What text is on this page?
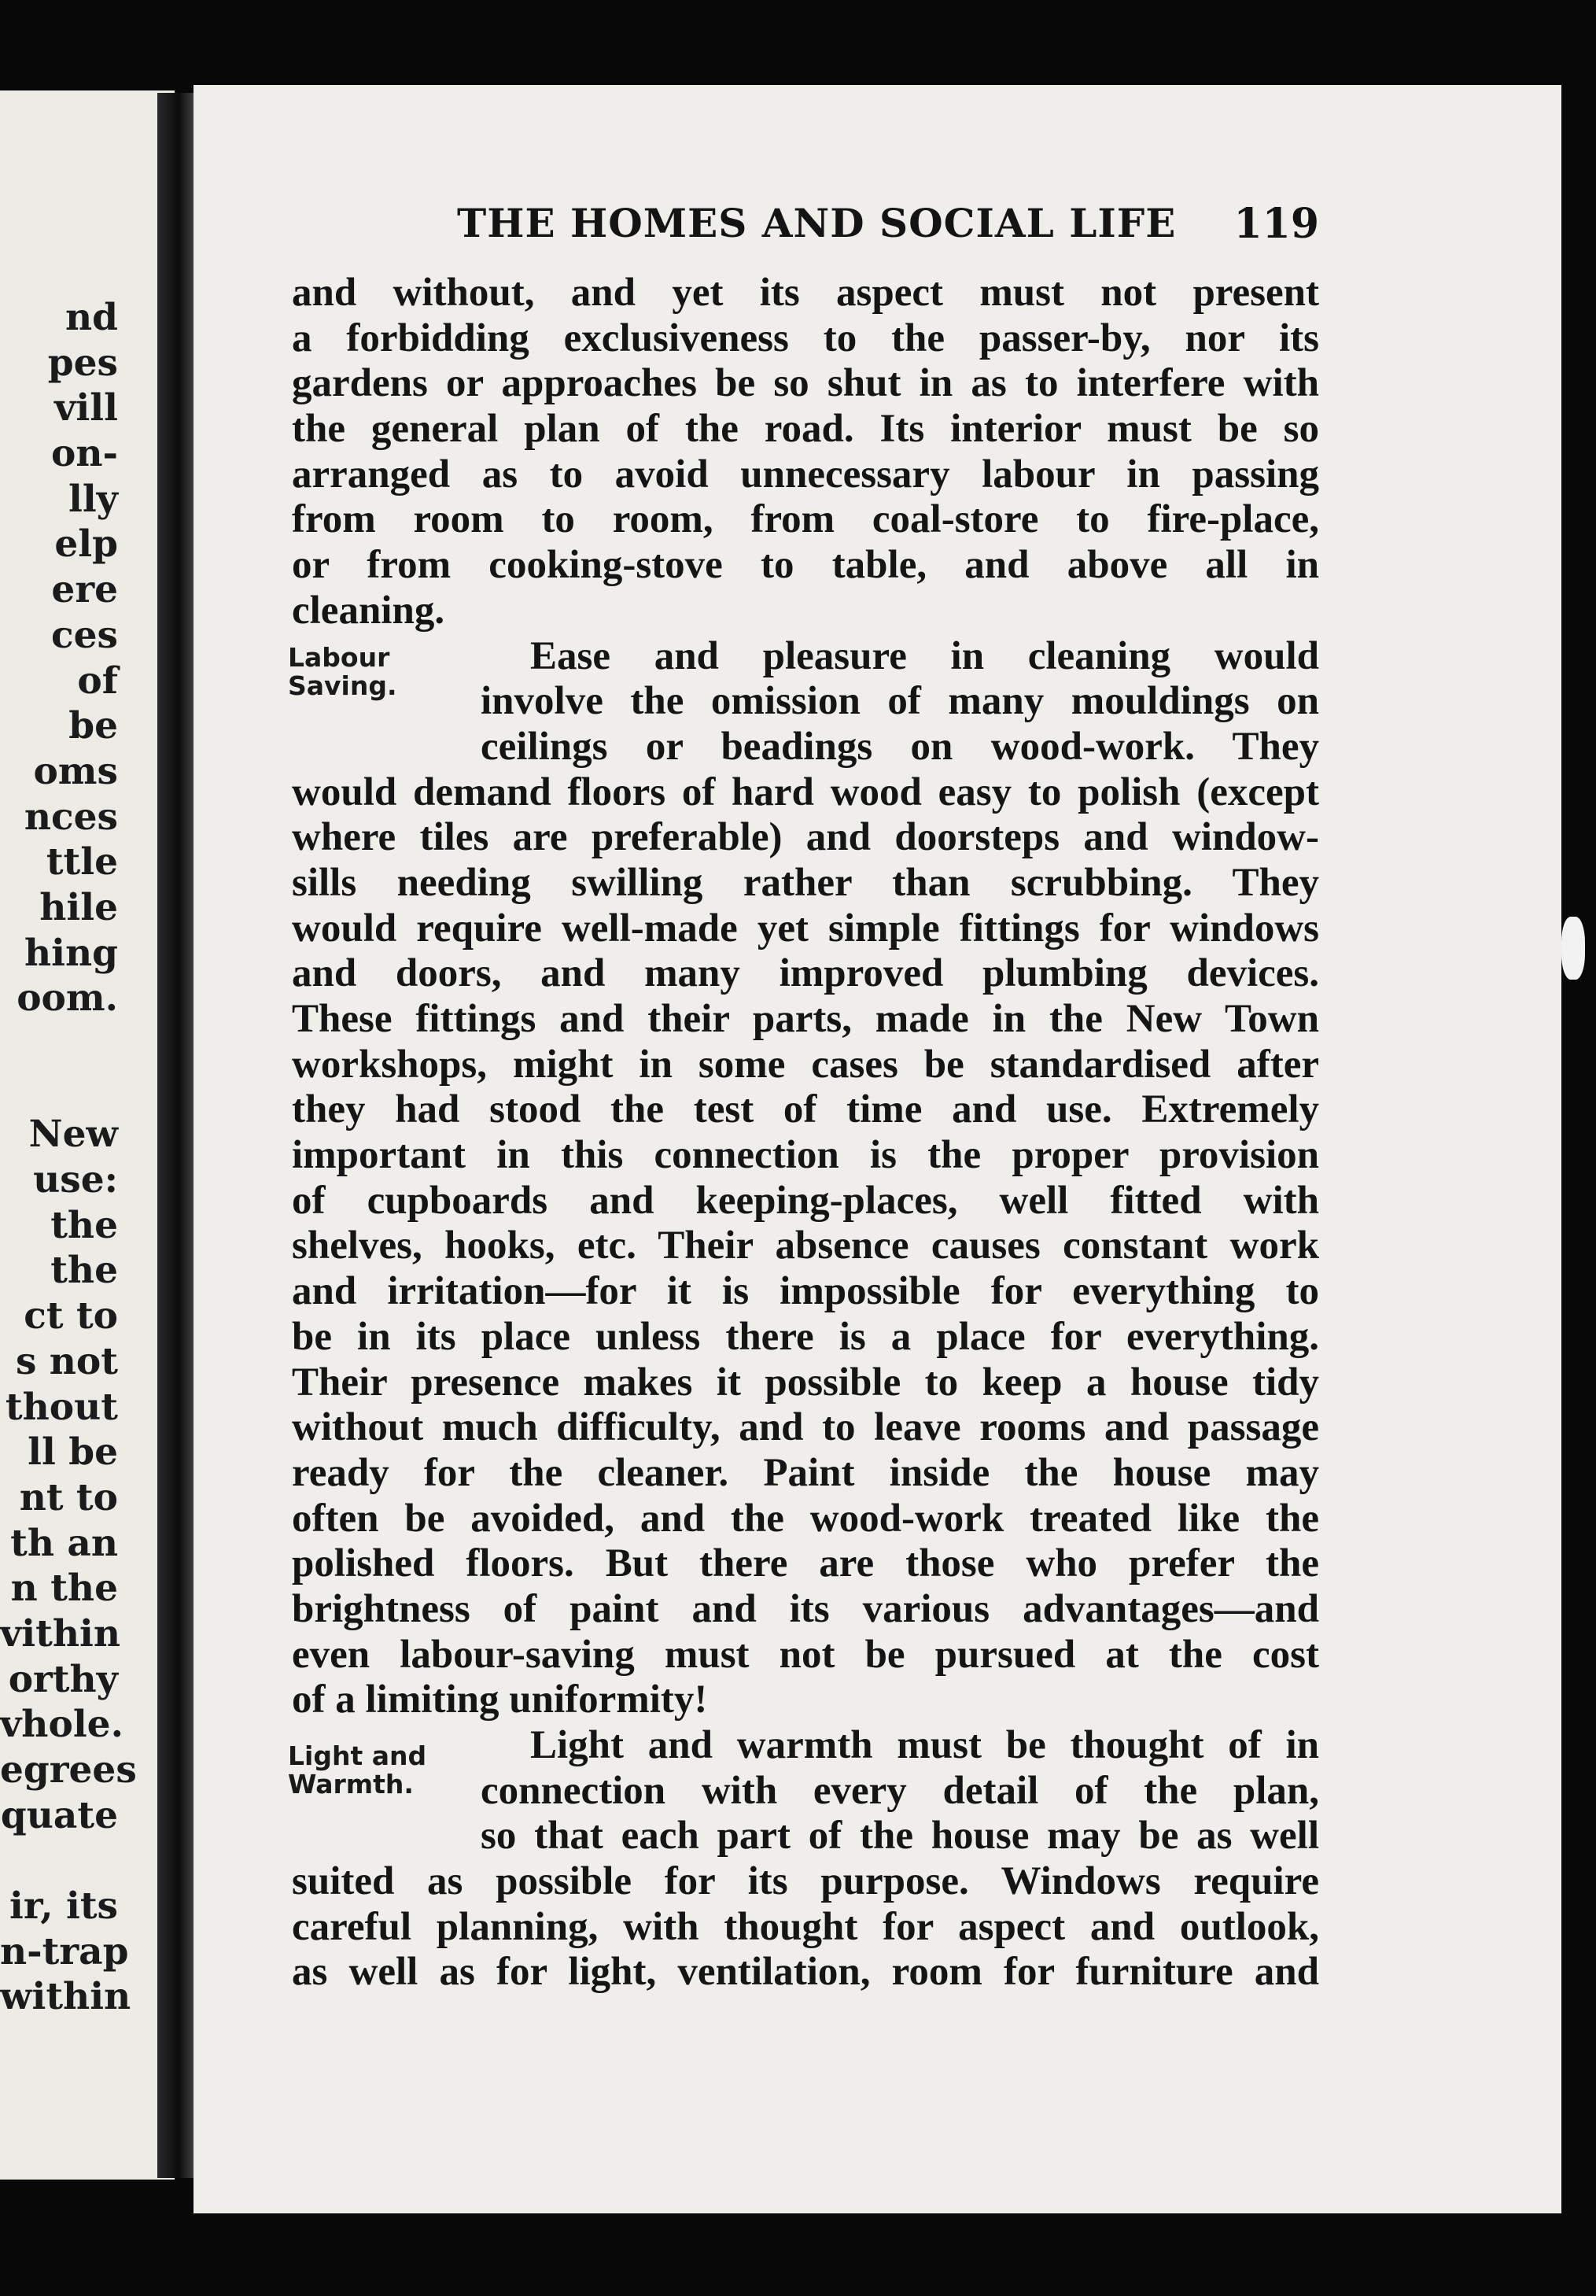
nd
pes
vill
on-
lly
elp
ere
ces
of
be
oms
nces
ttle
hile
hing
oom.
New
use:
the
the
ct to
s not
thout
ll be
nt to
th an
n the
vithin
orthy
vhole.
egrees
quate
ir, its
n-trap
within
THE HOMES AND SOCIAL LIFE 119
and without, and yet its aspect must not present
a forbidding exclusiveness to the passer-by, nor its
gardens or approaches be so shut in as to interfere with
the general plan of the road. Its interior must be so
arranged as to avoid unnecessary labour in passing
from room to room, from coal-store to fire-place,
or from cooking-stove to table, and above all in
cleaning.
Labour
Saving.
Ease and pleasure in cleaning would
involve the omission of many mouldings on
ceilings or beadings on wood-work. They
would demand floors of hard wood easy to polish (except
where tiles are preferable) and doorsteps and window-
sills needing swilling rather than scrubbing. They
would require well-made yet simple fittings for windows
and doors, and many improved plumbing devices.
These fittings and their parts, made in the New Town
workshops, might in some cases be standardised after
they had stood the test of time and use. Extremely
important in this connection is the proper provision
of cupboards and keeping-places, well fitted with
shelves, hooks, etc. Their absence causes constant work
and irritation—for it is impossible for everything to
be in its place unless there is a place for everything.
Their presence makes it possible to keep a house tidy
without much difficulty, and to leave rooms and passage
ready for the cleaner. Paint inside the house may
often be avoided, and the wood-work treated like the
polished floors. But there are those who prefer the
brightness of paint and its various advantages—and
even labour-saving must not be pursued at the cost
of a limiting uniformity!
Light and
Warmth.
Light and warmth must be thought of in
connection with every detail of the plan,
so that each part of the house may be as well
suited as possible for its purpose. Windows require
careful planning, with thought for aspect and outlook,
as well as for light, ventilation, room for furniture and
